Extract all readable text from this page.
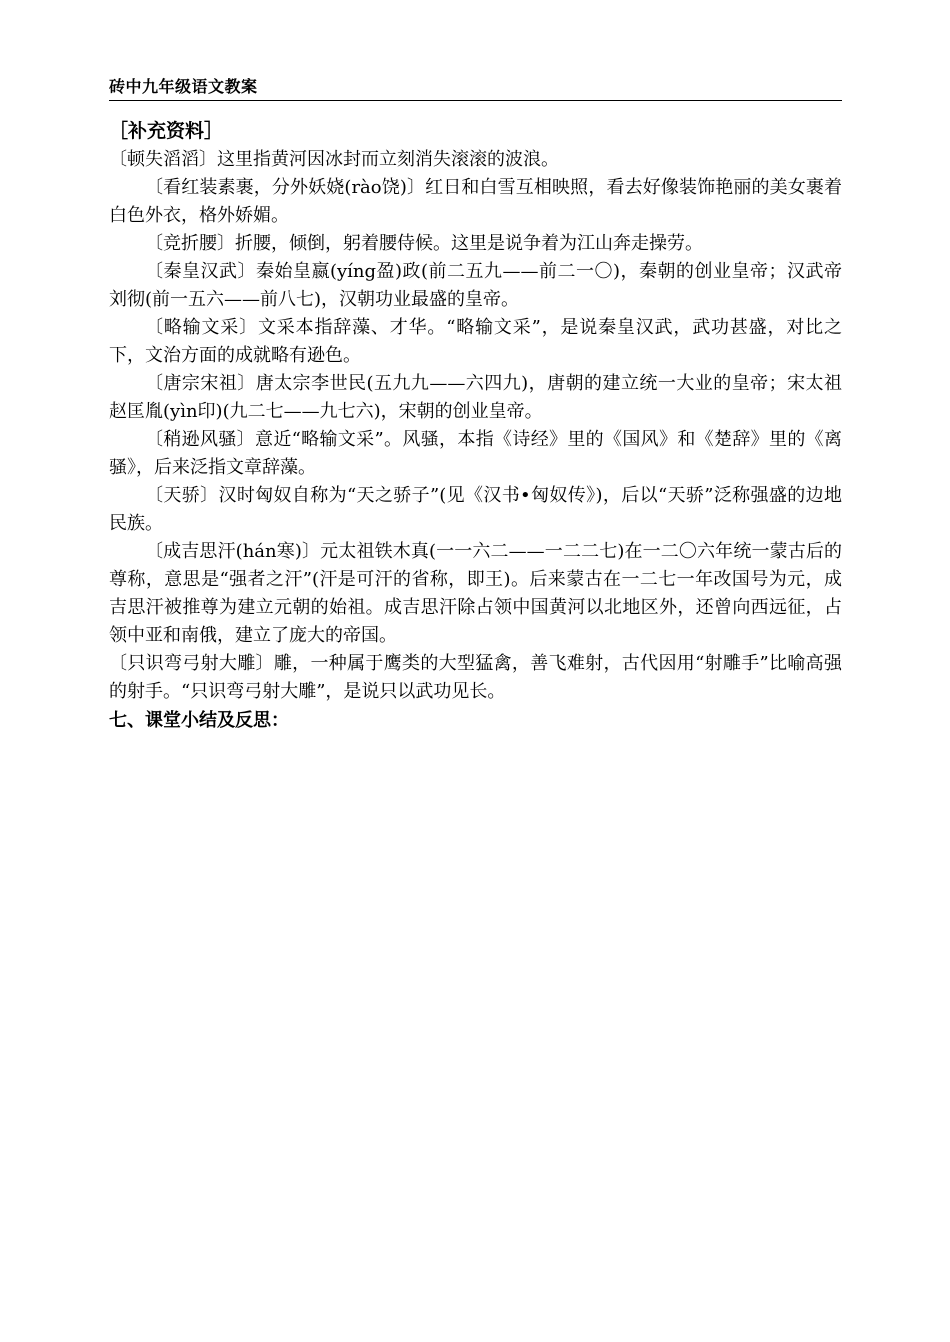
砖中九年级语文教案
［补充资料］

〔顿失滔滔〕这里指黄河因冰封而立刻消失滚滚的波浪。

〔看红装素裹，分外妖娆(rào饶)〕红日和白雪互相映照，看去好像装饰艳丽的美女裹着白色外衣，格外娇媚。

〔竞折腰〕折腰，倾倒，躬着腰侍候。这里是说争着为江山奔走操劳。

〔秦皇汉武〕秦始皇嬴(yíng盈)政(前二五九——前二一〇)，秦朝的创业皇帝；汉武帝刘彻(前一五六——前八七)，汉朝功业最盛的皇帝。

〔略输文采〕文采本指辞藻、才华。“略输文采”，是说秦皇汉武，武功甚盛，对比之下，文治方面的成就略有逊色。

〔唐宗宋祖〕唐太宗李世民(五九九——六四九)，唐朝的建立统一大业的皇帝；宋太祖赵匡胤(yìn印)(九二七——九七六)，宋朝的创业皇帝。

〔稍逊风骚〕意近“略输文采”。风骚，本指《诗经》里的《国风》和《楚辞》里的《离骚》，后来泛指文章辞藻。

〔天骄〕汉时匈奴自称为“天之骄子”(见《汉书•匈奴传》)，后以“天骄”泛称强盛的边地民族。

〔成吉思汗(hán寒)〕元太祖铁木真(一一六二——一二二七)在一二〇六年统一蒙古后的尊称，意思是“强者之汗”(汗是可汗的省称，即王)。后来蒙古在一二七一年改国号为元，成吉思汗被推尊为建立元朝的始祖。成吉思汗除占领中国黄河以北地区外，还曾向西远征，占领中亚和南俄，建立了庞大的帝国。

〔只识弯弓射大雕〕雕，一种属于鹰类的大型猛禽，善飞难射，古代因用“射雕手”比喻高强的射手。“只识弯弓射大雕”，是说只以武功见长。

七、课堂小结及反思：
